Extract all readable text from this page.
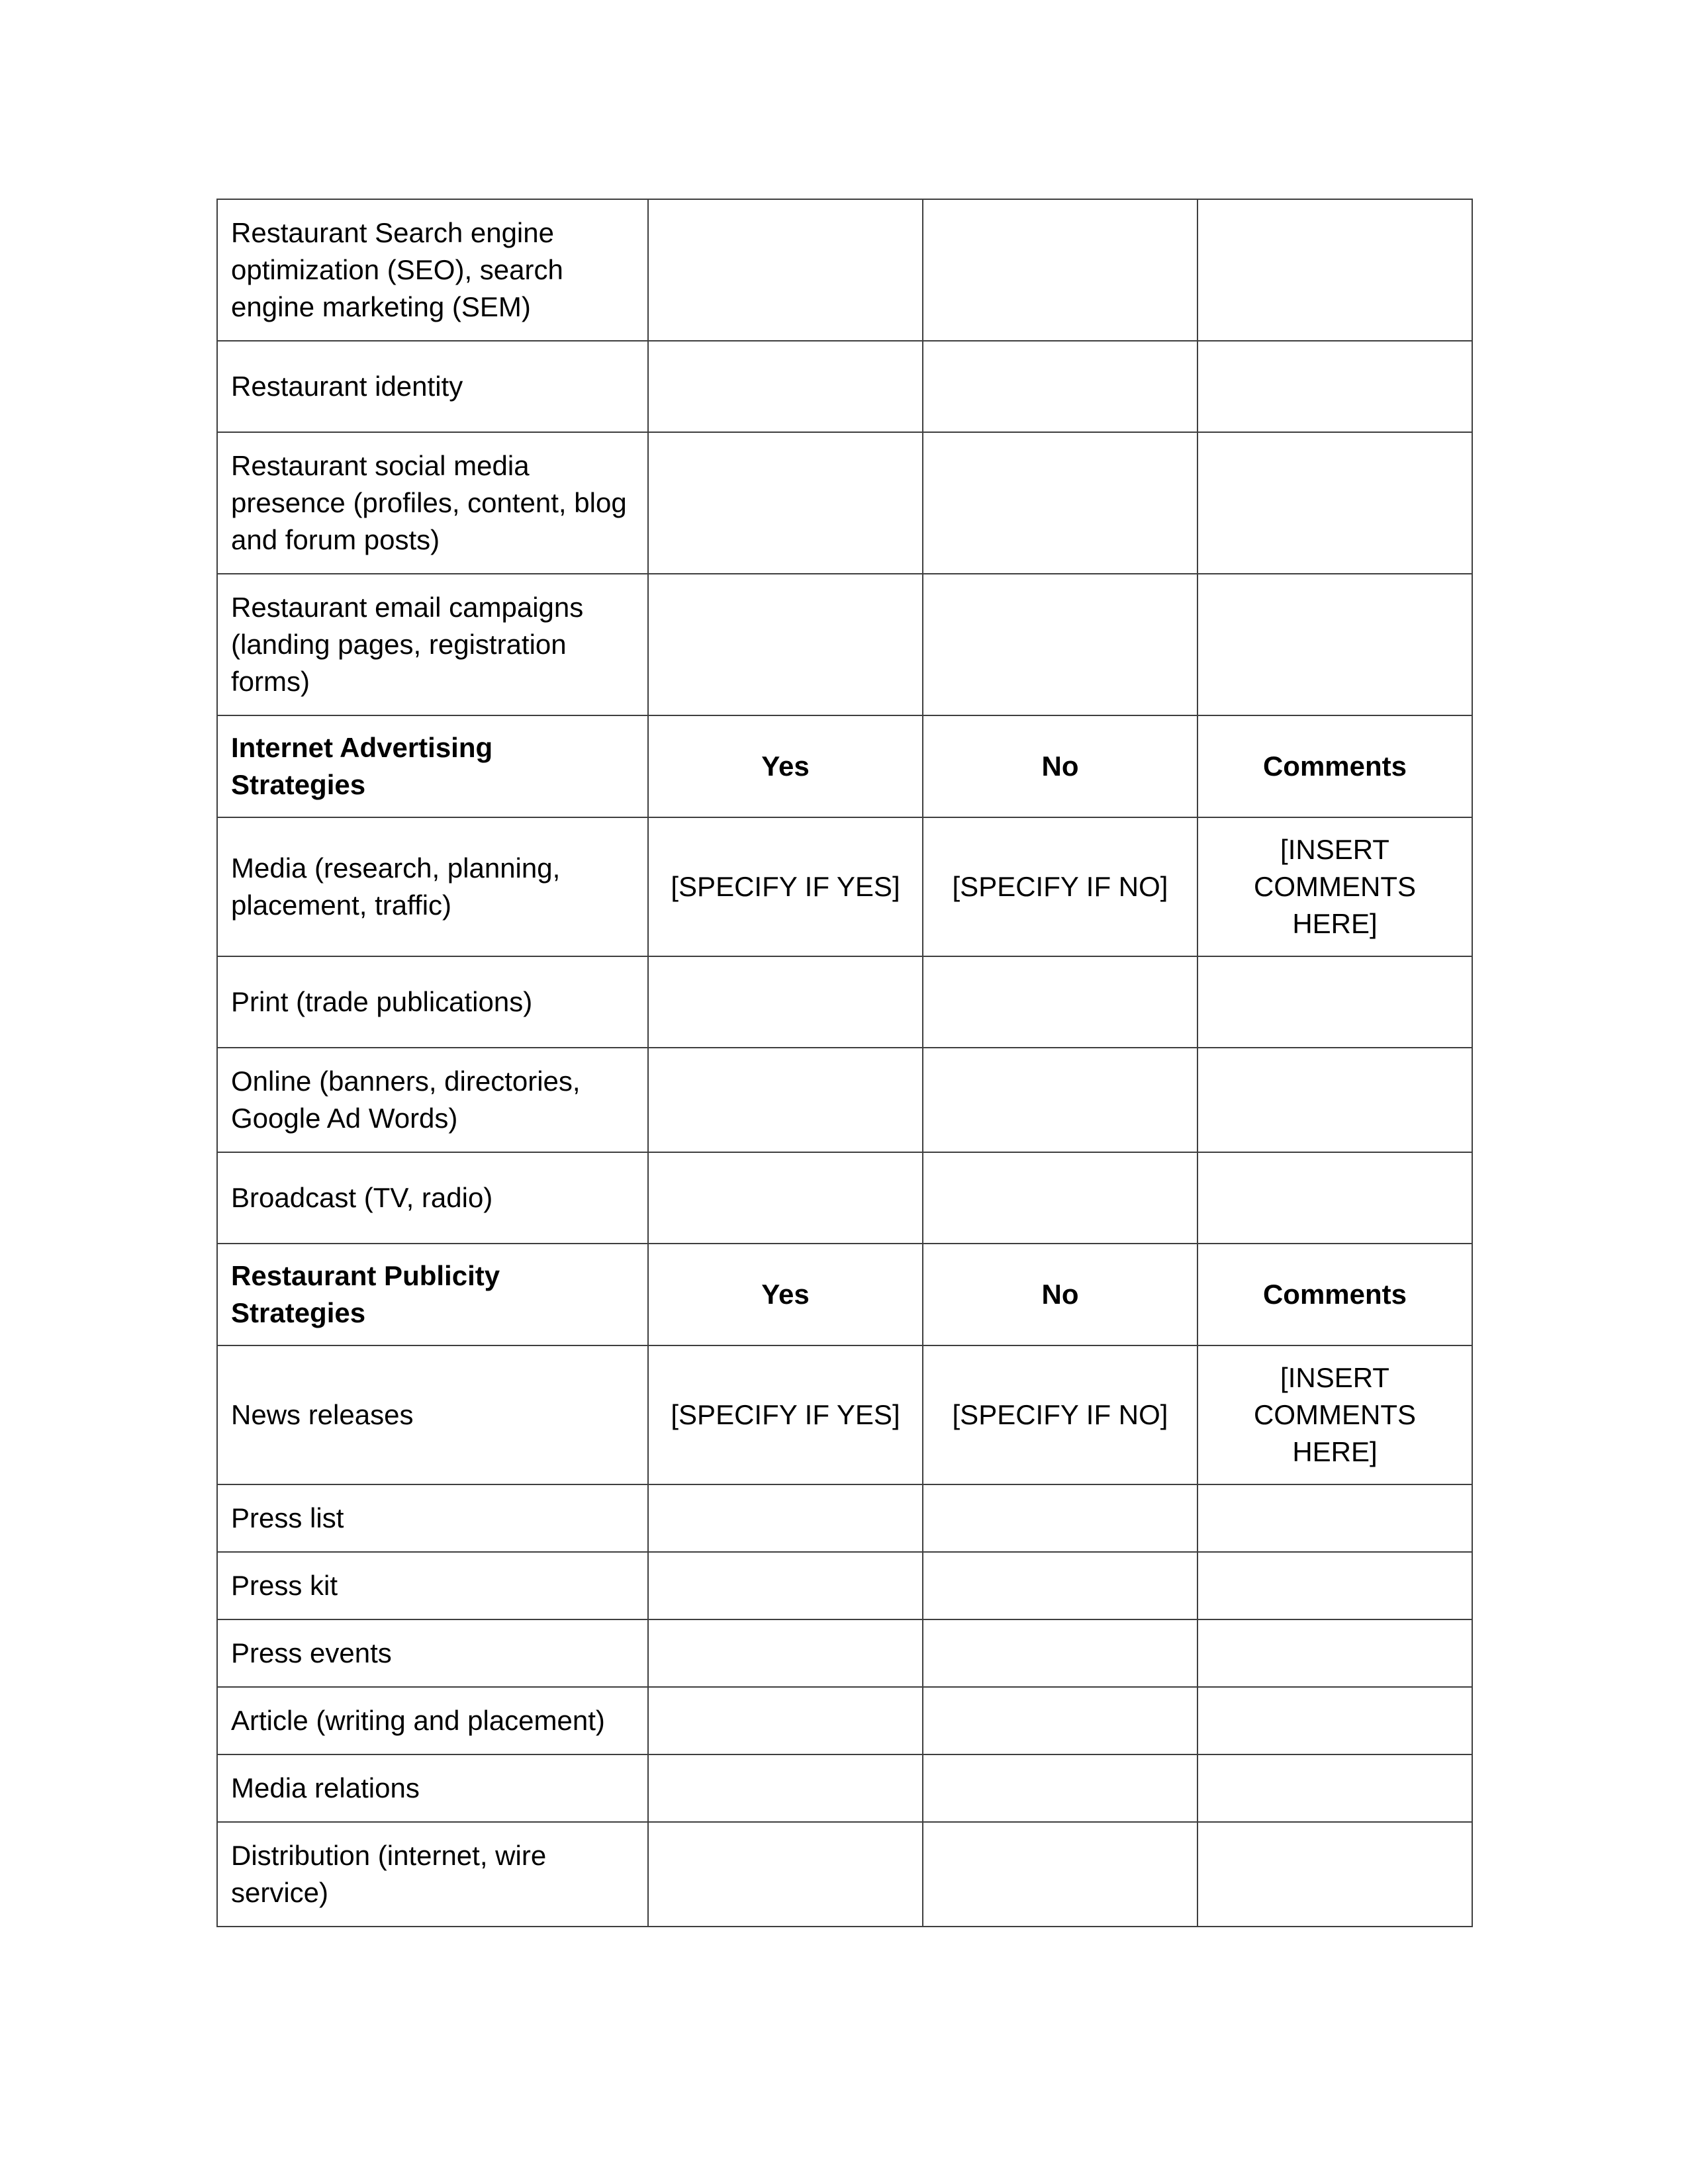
Restaurant Search engine optimization (SEO), search engine marketing (SEM)			
Restaurant identity			
Restaurant social media presence (profiles, content, blog and forum posts)			
Restaurant email campaigns (landing pages, registration forms)			
Internet Advertising Strategies	Yes	No	Comments
Media (research, planning, placement, traffic)	[SPECIFY IF YES]	[SPECIFY IF NO]	[INSERT COMMENTS HERE]
Print (trade publications)			
Online (banners, directories, Google Ad Words)			
Broadcast (TV, radio)			
Restaurant Publicity Strategies	Yes	No	Comments
News releases	[SPECIFY IF YES]	[SPECIFY IF NO]	[INSERT COMMENTS HERE]
Press list			
Press kit			
Press events			
Article (writing and placement)			
Media relations			
Distribution (internet, wire service)			
